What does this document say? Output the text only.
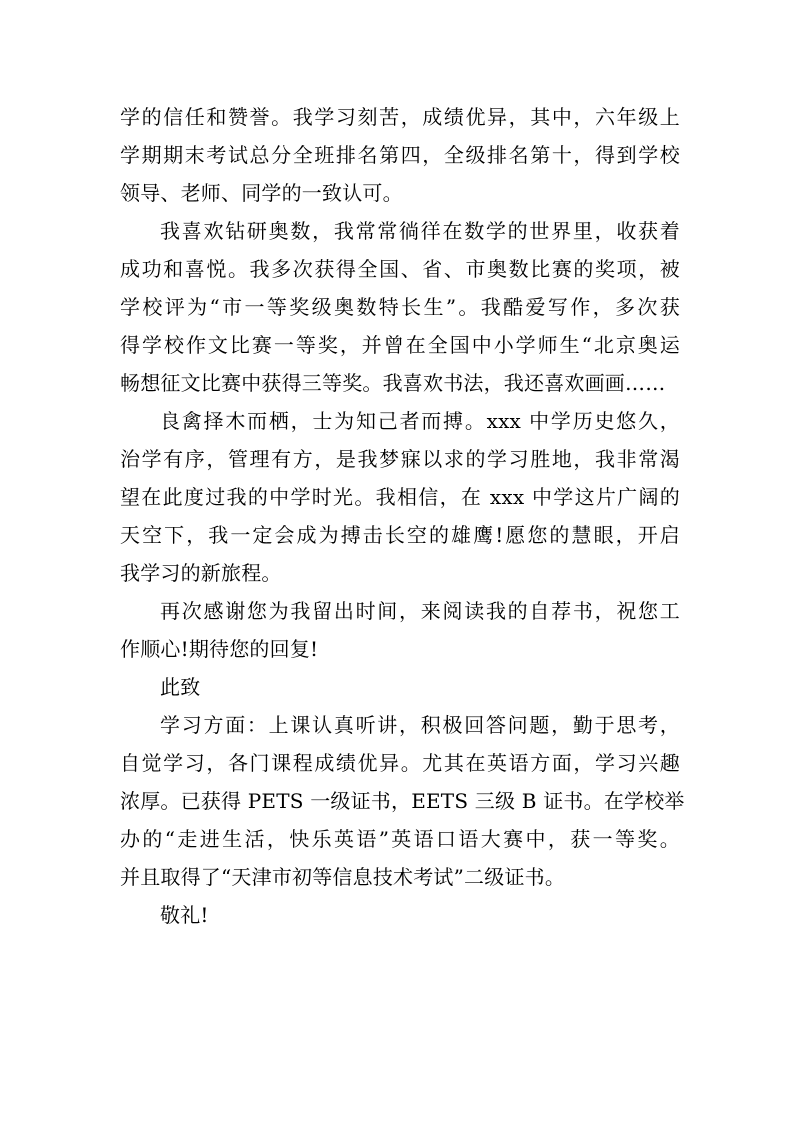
学的信任和赞誉。我学习刻苦，成绩优异，其中，六年级上
学期期末考试总分全班排名第四，全级排名第十，得到学校
领导、老师、同学的一致认可。
我喜欢钻研奥数，我常常徜徉在数学的世界里，收获着
成功和喜悦。我多次获得全国、省、市奥数比赛的奖项，被
学校评为“市一等奖级奥数特长生”。我酷爱写作，多次获
得学校作文比赛一等奖，并曾在全国中小学师生“北京奥运
畅想征文比赛中获得三等奖。我喜欢书法，我还喜欢画画……
良禽择木而栖，士为知己者而搏。xxx 中学历史悠久，
治学有序，管理有方，是我梦寐以求的学习胜地，我非常渴
望在此度过我的中学时光。我相信，在 xxx 中学这片广阔的
天空下，我一定会成为搏击长空的雄鹰!愿您的慧眼，开启
我学习的新旅程。
再次感谢您为我留出时间，来阅读我的自荐书，祝您工
作顺心!期待您的回复!
此致
学习方面：上课认真听讲，积极回答问题，勤于思考，
自觉学习，各门课程成绩优异。尤其在英语方面，学习兴趣
浓厚。已获得 PETS 一级证书，EETS 三级 B 证书。在学校举
办的“走进生活，快乐英语”英语口语大赛中，获一等奖。
并且取得了“天津市初等信息技术考试”二级证书。
敬礼!
